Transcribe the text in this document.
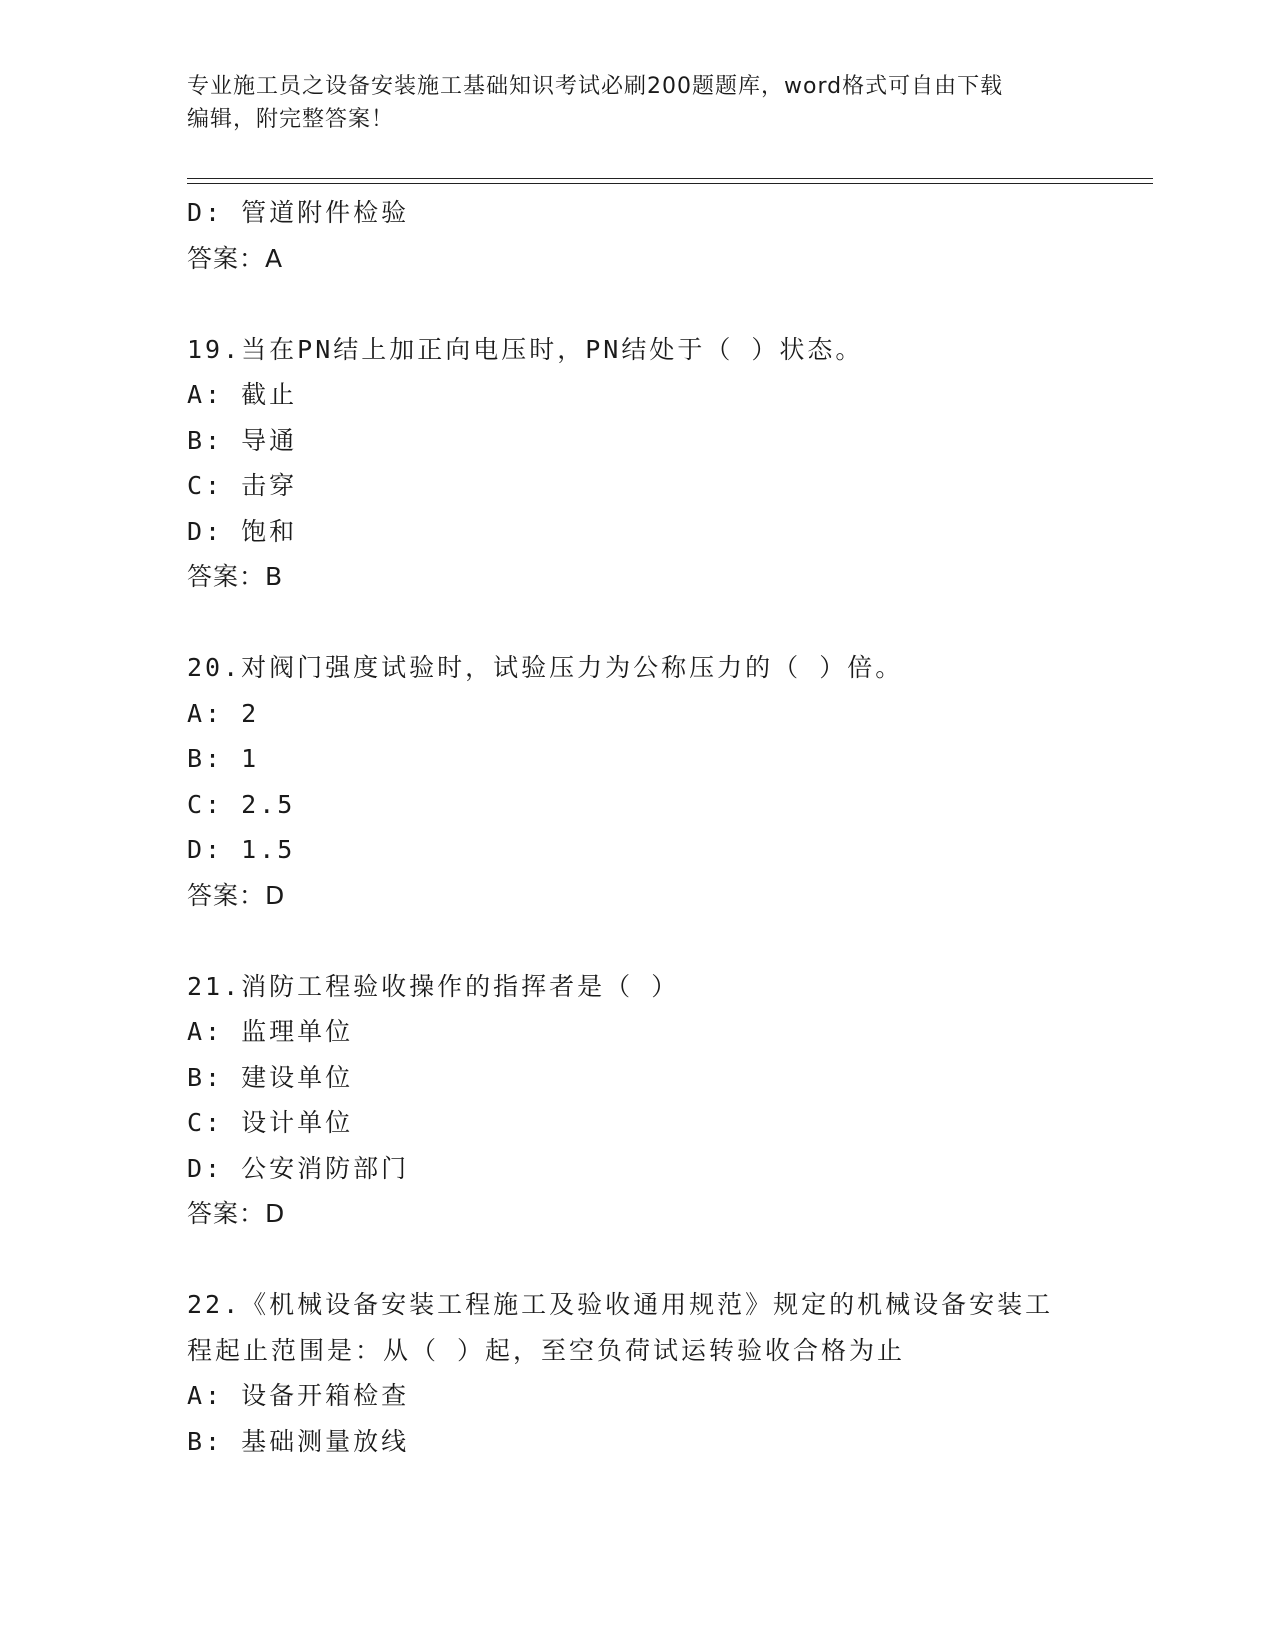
专业施工员之设备安装施工基础知识考试必刷200题题库，word格式可自由下载
编辑，附完整答案！
D: 管道附件检验
答案：A
19.当在PN结上加正向电压时，PN结处于（ ）状态。
A: 截止
B: 导通
C: 击穿
D: 饱和
答案：B
20.对阀门强度试验时，试验压力为公称压力的（ ）倍。
A: 2
B: 1
C: 2.5
D: 1.5
答案：D
21.消防工程验收操作的指挥者是（ ）
A: 监理单位
B: 建设单位
C: 设计单位
D: 公安消防部门
答案：D
22.《机械设备安装工程施工及验收通用规范》规定的机械设备安装工
程起止范围是：从（ ）起，至空负荷试运转验收合格为止
A: 设备开箱检查
B: 基础测量放线
